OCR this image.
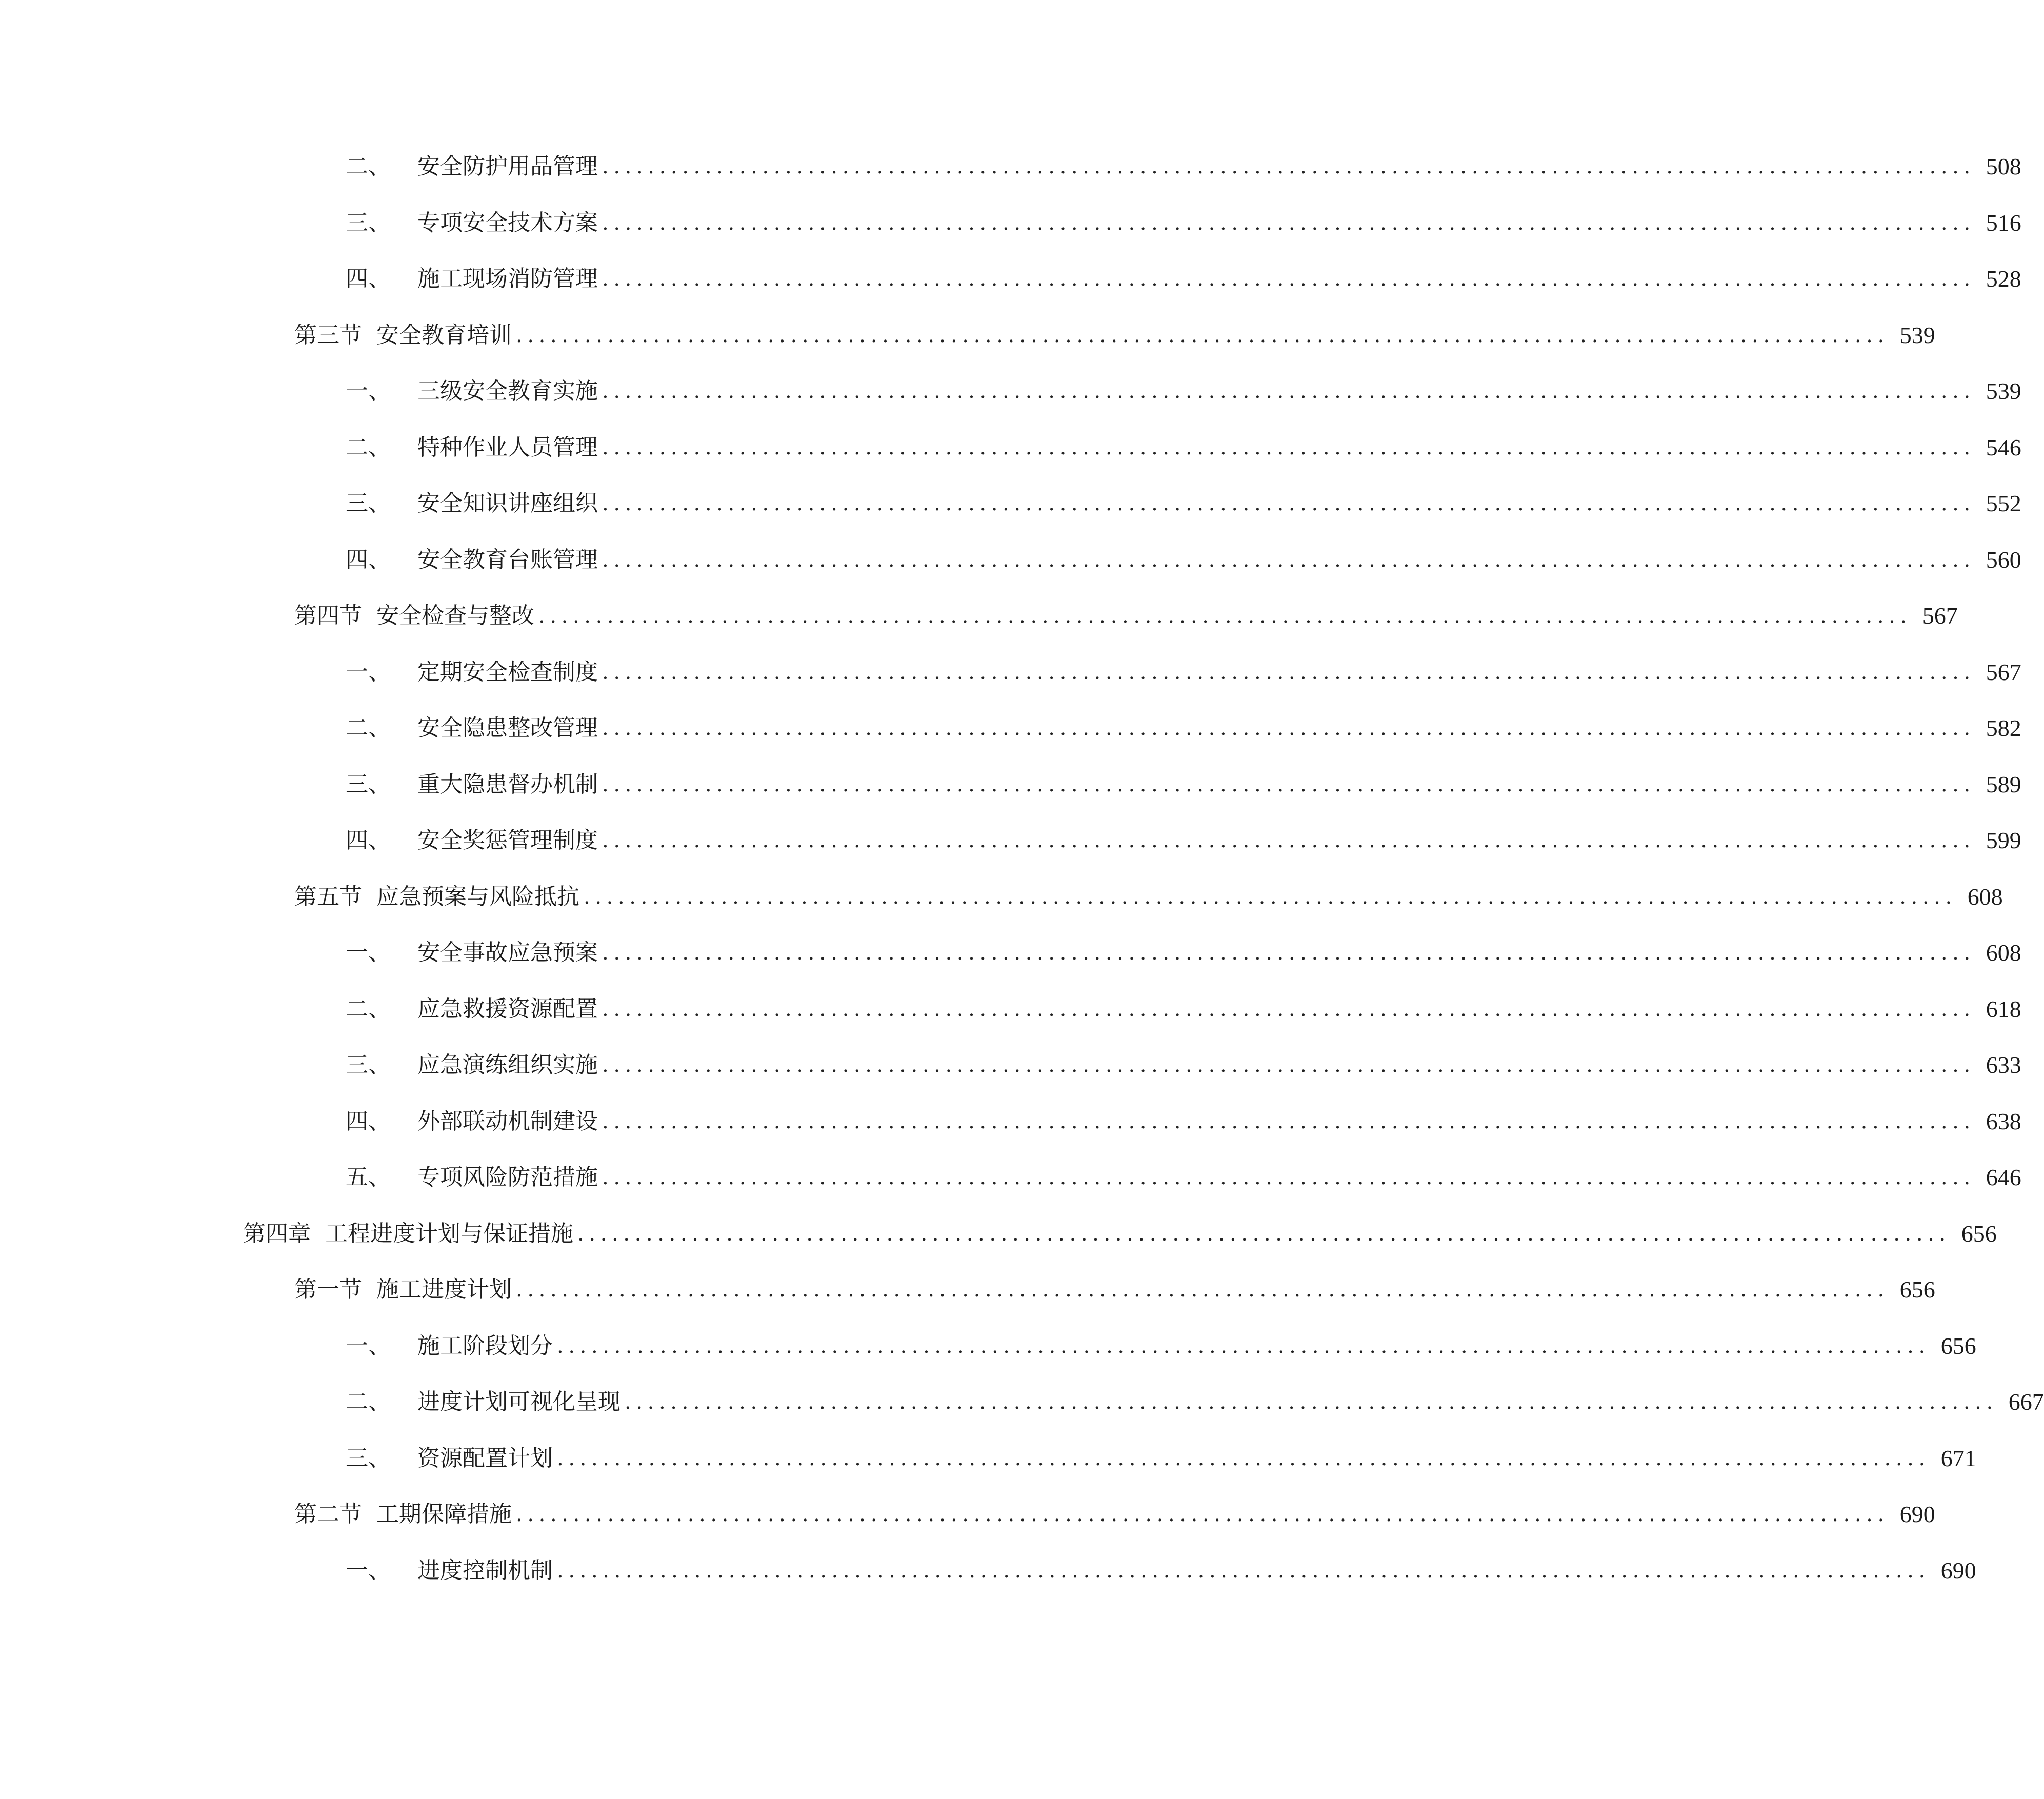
二、 安全防护用品管理 ........................................................................................................................ 508
三、 专项安全技术方案 ........................................................................................................................ 516
四、 施工现场消防管理 ........................................................................................................................ 528
第三节 安全教育培训 ........................................................................................................................ 539
一、 三级安全教育实施 ........................................................................................................................ 539
二、 特种作业人员管理 ........................................................................................................................ 546
三、 安全知识讲座组织 ........................................................................................................................ 552
四、 安全教育台账管理 ........................................................................................................................ 560
第四节 安全检查与整改 ........................................................................................................................ 567
一、 定期安全检查制度 ........................................................................................................................ 567
二、 安全隐患整改管理 ........................................................................................................................ 582
三、 重大隐患督办机制 ........................................................................................................................ 589
四、 安全奖惩管理制度 ........................................................................................................................ 599
第五节 应急预案与风险抵抗 ........................................................................................................................ 608
一、 安全事故应急预案 ........................................................................................................................ 608
二、 应急救援资源配置 ........................................................................................................................ 618
三、 应急演练组织实施 ........................................................................................................................ 633
四、 外部联动机制建设 ........................................................................................................................ 638
五、 专项风险防范措施 ........................................................................................................................ 646
第四章 工程进度计划与保证措施 ........................................................................................................................ 656
第一节 施工进度计划 ........................................................................................................................ 656
一、 施工阶段划分 ........................................................................................................................ 656
二、 进度计划可视化呈现 ........................................................................................................................ 667
三、 资源配置计划 ........................................................................................................................ 671
第二节 工期保障措施 ........................................................................................................................ 690
一、 进度控制机制 ........................................................................................................................ 690
